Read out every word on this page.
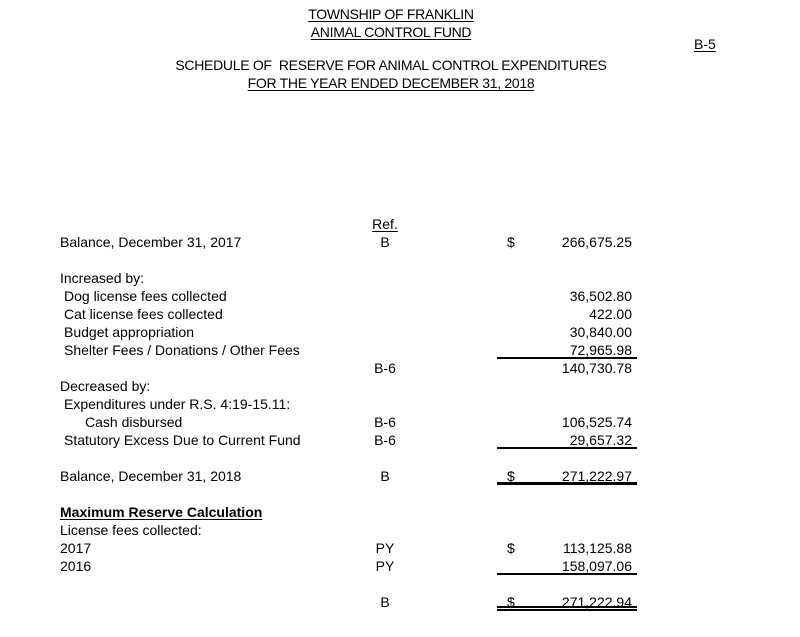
TOWNSHIP OF FRANKLIN
ANIMAL CONTROL FUND
B-5
SCHEDULE OF  RESERVE FOR ANIMAL CONTROL EXPENDITURES
FOR THE YEAR ENDED DECEMBER 31, 2018
Ref.
Balance, December 31, 2017	B	$	266,675.25
Increased by:
Dog license fees collected	36,502.80
Cat license fees collected	422.00
Budget appropriation	30,840.00
Shelter Fees / Donations / Other Fees	72,965.98
B-6	140,730.78
Decreased by:
Expenditures under R.S. 4:19-15.11:
Cash disbursed	B-6	106,525.74
Statutory Excess Due to Current Fund	B-6	29,657.32
Balance, December 31, 2018	B	$	271,222.97
Maximum Reserve Calculation
License fees collected:
2017	PY	$	113,125.88
2016	PY	158,097.06
B	$	271,222.94
